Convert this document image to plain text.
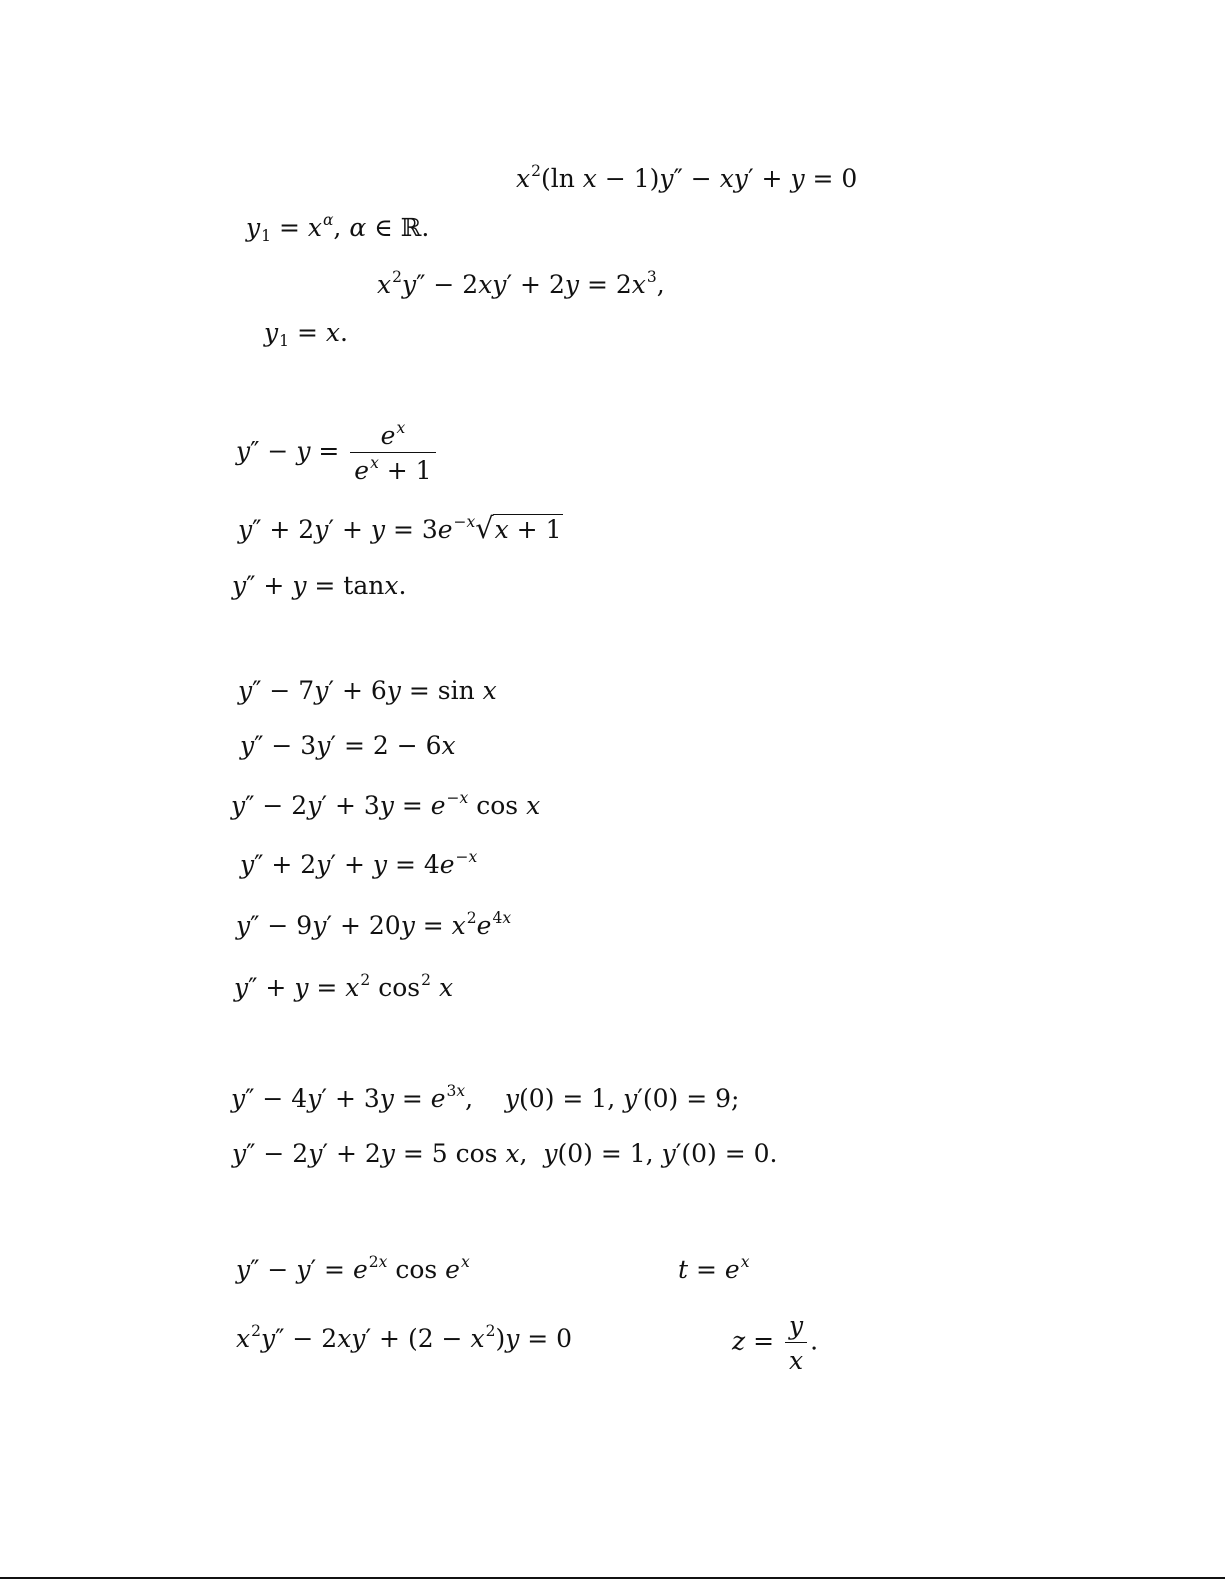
$x^2(\ln$ x − 1)y″ − xy′ + y = 0
$y_1 = x^\alpha$, α ∈ ℝ.
$x^2y'' - 2xy' + 2y = 2x^3$,
$y_1 = x$.
$y'' - y = \frac{e^x}{e^x + 1}$
$y'' + 2y' + y = 3e^{-x}√x + 1$
y″ + y = tanx.
y″ − 7y′ + 6y = sin x
y″ − 3y′ = 2 − 6x
$y'' - 2y' + 3y = e^{-x}$ cos x
$y'' + 2y' + y = 4e^{-x}$
$y'' - 9y' + 20y = x^2e^{4x}$
$y'' + y = x^2$ $\cos^2 x$
$y'' - 4y' + 3y = e^{3x}$,    y(0) = 1, y′(0) = 9;
y″ − 2y′ + 2y = 5 cos x,  y(0) = 1, y′(0) = 0.
$y'' - y' = e^{2x}$ $\cos e^x$	$t = e^x$
$x^2y'' - 2xy' + (2 - x^2)y = 0$	$z = \frac{y}{x}$ .
